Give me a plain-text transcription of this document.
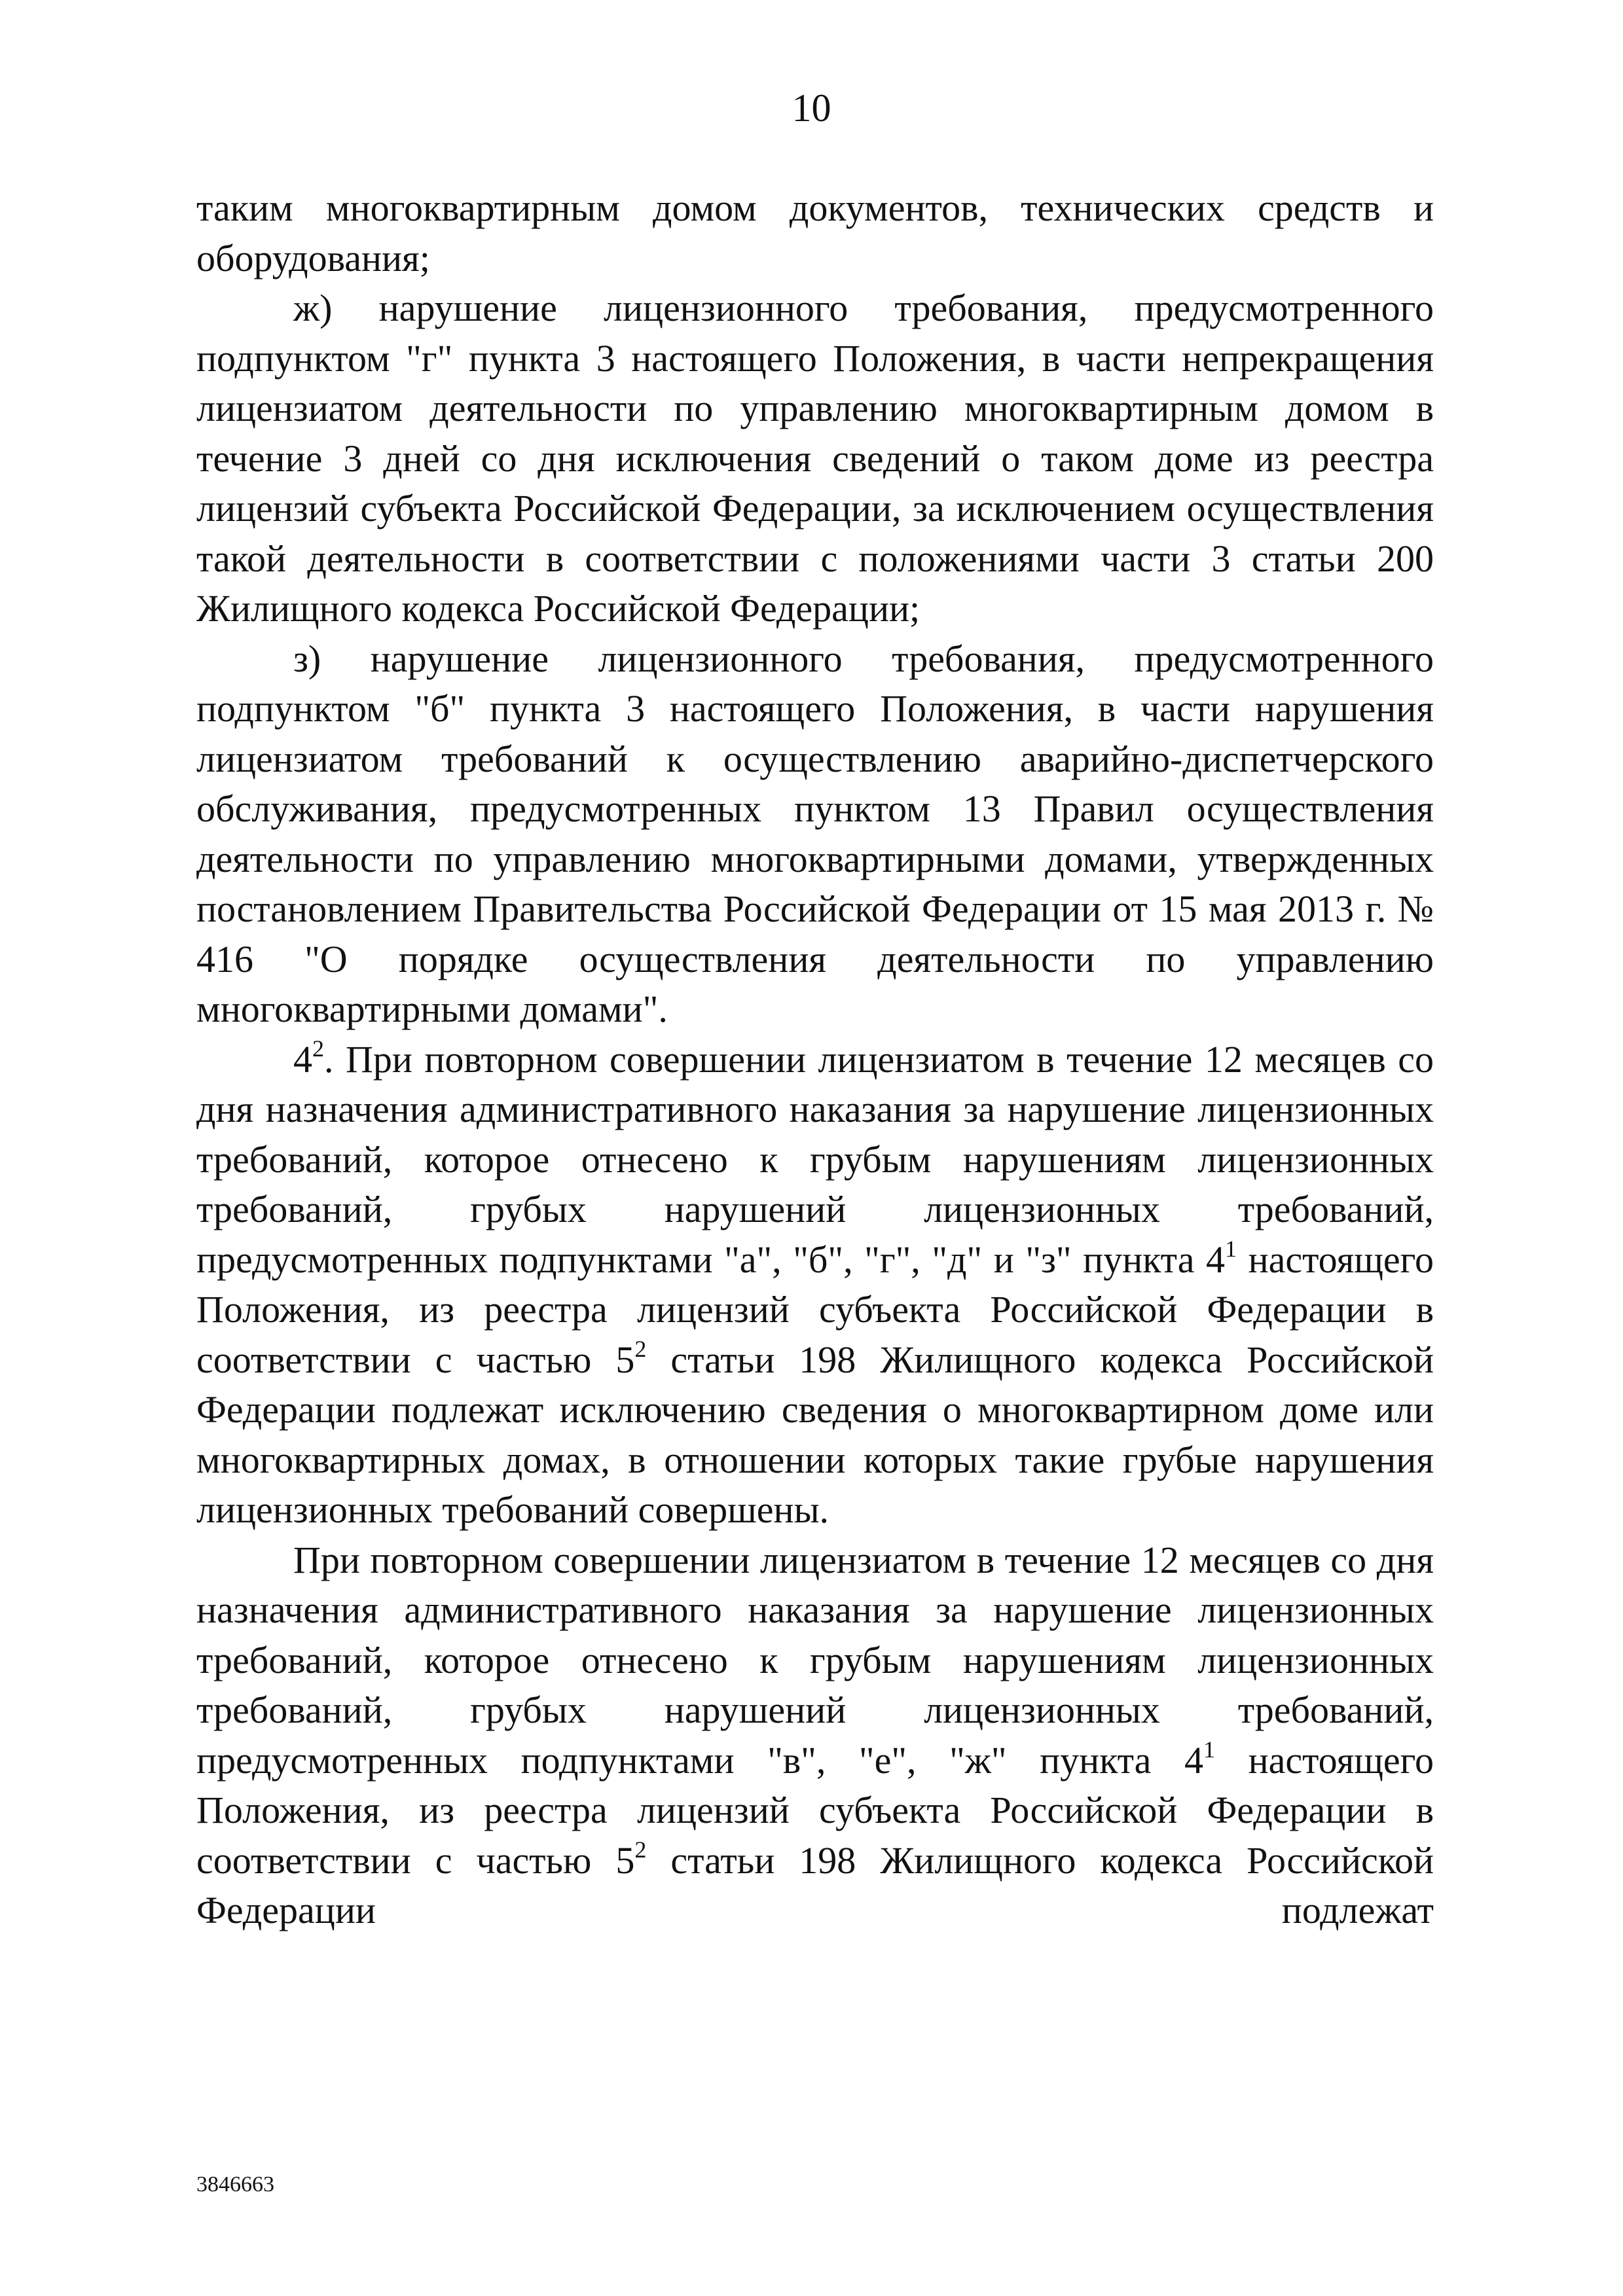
10

таким многоквартирным домом документов, технических средств и оборудования;

ж) нарушение лицензионного требования, предусмотренного подпунктом "г" пункта 3 настоящего Положения, в части непрекращения лицензиатом деятельности по управлению многоквартирным домом в течение 3 дней со дня исключения сведений о таком доме из реестра лицензий субъекта Российской Федерации, за исключением осуществления такой деятельности в соответствии с положениями части 3 статьи 200 Жилищного кодекса Российской Федерации;

з) нарушение лицензионного требования, предусмотренного подпунктом "б" пункта 3 настоящего Положения, в части нарушения лицензиатом требований к осуществлению аварийно-диспетчерского обслуживания, предусмотренных пунктом 13 Правил осуществления деятельности по управлению многоквартирными домами, утвержденных постановлением Правительства Российской Федерации от 15 мая 2013 г. № 416 "О порядке осуществления деятельности по управлению многоквартирными домами".

$4^2$. При повторном совершении лицензиатом в течение 12 месяцев со дня назначения административного наказания за нарушение лицензионных требований, которое отнесено к грубым нарушениям лицензионных требований, грубых нарушений лицензионных требований, предусмотренных подпунктами "а", "б", "г", "д" и "з" пункта $4^1$ настоящего Положения, из реестра лицензий субъекта Российской Федерации в соответствии с частью $5^2$ статьи 198 Жилищного кодекса Российской Федерации подлежат исключению сведения о многоквартирном доме или многоквартирных домах, в отношении которых такие грубые нарушения лицензионных требований совершены.

При повторном совершении лицензиатом в течение 12 месяцев со дня назначения административного наказания за нарушение лицензионных требований, которое отнесено к грубым нарушениям лицензионных требований, грубых нарушений лицензионных требований, предусмотренных подпунктами "в", "е", "ж" пункта $4^1$ настоящего Положения, из реестра лицензий субъекта Российской Федерации в соответствии с частью $5^2$ статьи 198 Жилищного кодекса Российской Федерации подлежат

3846663
